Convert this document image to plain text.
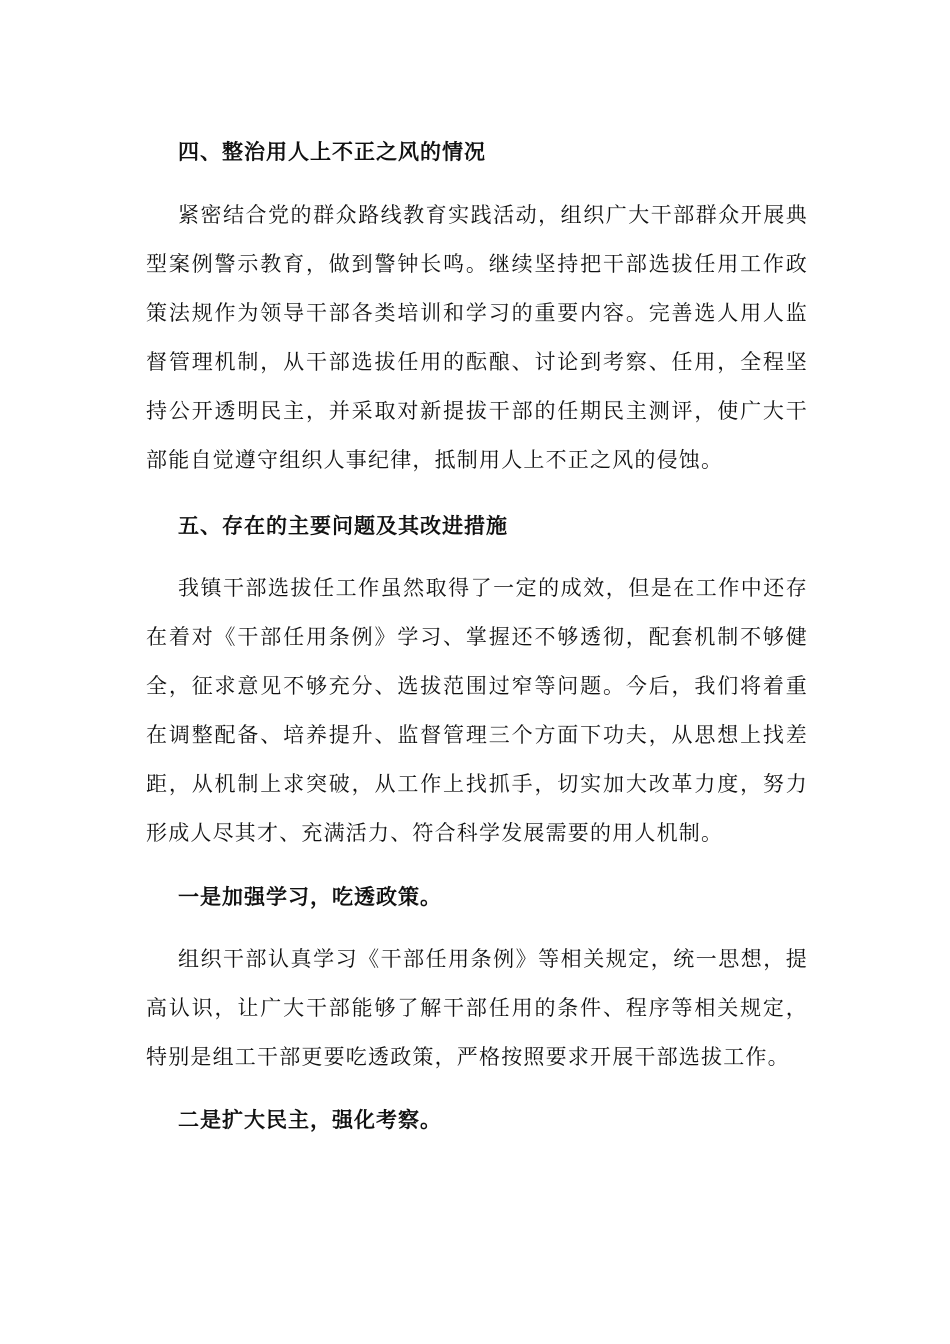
四、整治用人上不正之风的情况

紧密结合党的群众路线教育实践活动，组织广大干部群众开展典型案例警示教育，做到警钟长鸣。继续坚持把干部选拔任用工作政策法规作为领导干部各类培训和学习的重要内容。完善选人用人监督管理机制，从干部选拔任用的酝酿、讨论到考察、任用，全程坚持公开透明民主，并采取对新提拔干部的任期民主测评，使广大干部能自觉遵守组织人事纪律，抵制用人上不正之风的侵蚀。

五、存在的主要问题及其改进措施

我镇干部选拔任工作虽然取得了一定的成效，但是在工作中还存在着对《干部任用条例》学习、掌握还不够透彻，配套机制不够健全，征求意见不够充分、选拔范围过窄等问题。今后，我们将着重在调整配备、培养提升、监督管理三个方面下功夫，从思想上找差距，从机制上求突破，从工作上找抓手，切实加大改革力度，努力形成人尽其才、充满活力、符合科学发展需要的用人机制。

一是加强学习，吃透政策。

组织干部认真学习《干部任用条例》等相关规定，统一思想，提高认识，让广大干部能够了解干部任用的条件、程序等相关规定，特别是组工干部更要吃透政策，严格按照要求开展干部选拔工作。

二是扩大民主，强化考察。
